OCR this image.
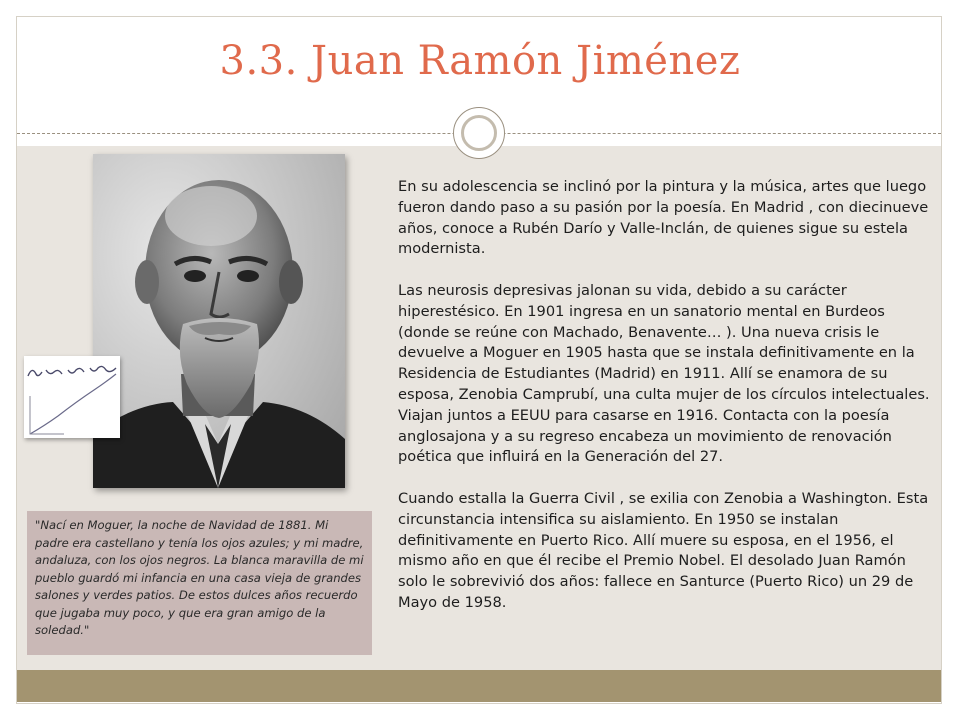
3.3. Juan Ramón Jiménez
"Nací en Moguer, la noche de Navidad de 1881. Mi padre era castellano y tenía los ojos azules; y mi madre, andaluza, con los ojos negros. La blanca maravilla de mi pueblo guardó mi infancia en una casa vieja de grandes salones y verdes patios. De estos dulces años recuerdo que jugaba muy poco, y que era gran amigo de la soledad."

En su adolescencia se inclinó por la pintura y la música, artes que luego fueron dando paso a su pasión por la poesía. En Madrid , con diecinueve años, conoce a Rubén Darío y Valle-Inclán, de quienes sigue su estela modernista.

Las neurosis depresivas jalonan su vida, debido a su carácter hiperestésico. En 1901 ingresa en un sanatorio mental en Burdeos (donde se reúne con Machado, Benavente… ). Una nueva crisis le devuelve a Moguer en 1905 hasta que se instala definitivamente en la Residencia de Estudiantes (Madrid) en 1911. Allí se enamora de su esposa, Zenobia Camprubí, una culta mujer de los círculos intelectuales. Viajan juntos a EEUU para casarse en 1916. Contacta con la poesía anglosajona y a su regreso encabeza un movimiento de renovación poética que influirá en la Generación del 27.

Cuando estalla la Guerra Civil , se exilia con Zenobia a Washington. Esta circunstancia intensifica su aislamiento. En 1950 se instalan definitivamente en Puerto Rico. Allí muere su esposa, en el 1956, el mismo año en que él recibe el Premio Nobel. El desolado Juan Ramón solo le sobrevivió dos años: fallece en Santurce (Puerto Rico) un 29 de Mayo de 1958.
